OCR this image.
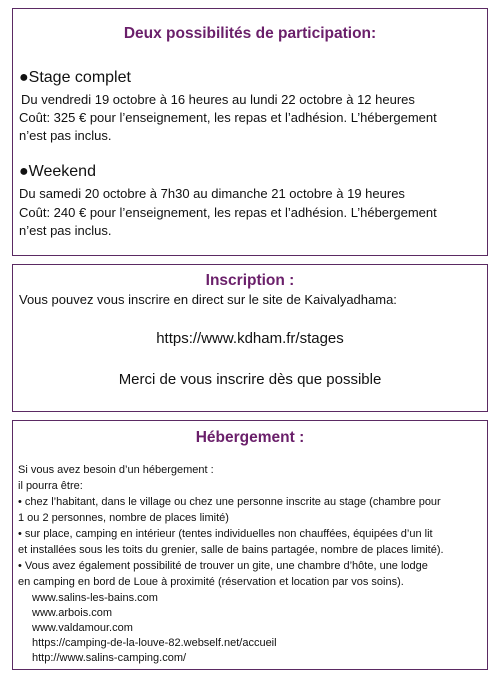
Deux possibilités de participation:
●Stage complet
Du vendredi 19 octobre à 16 heures au lundi 22 octobre à 12 heures
Coût: 325 € pour l’enseignement, les repas et l’adhésion. L’hébergement
n’est pas inclus.
●Weekend
Du samedi 20 octobre à 7h30 au dimanche 21 octobre à 19 heures
Coût: 240 € pour l’enseignement, les repas et l’adhésion. L’hébergement
n’est pas inclus.
Inscription :
Vous pouvez vous inscrire en direct sur le site de Kaivalyadhama:
https://www.kdham.fr/stages
Merci de vous inscrire dès que possible
Hébergement :
Si vous avez besoin d’un hébergement :
il pourra être:
• chez l’habitant, dans le village ou chez une personne inscrite au stage (chambre pour
1 ou 2 personnes, nombre de places limité)
• sur place, camping en intérieur (tentes individuelles non chauffées, équipées d’un lit
et installées sous les toits du grenier, salle de bains partagée, nombre de places limité).
• Vous avez également possibilité de trouver un gite, une chambre d’hôte, une lodge
en camping en bord de Loue à proximité (réservation et location par vos soins).
www.salins-les-bains.com
www.arbois.com
www.valdamour.com
https://camping-de-la-louve-82.webself.net/accueil
http://www.salins-camping.com/
